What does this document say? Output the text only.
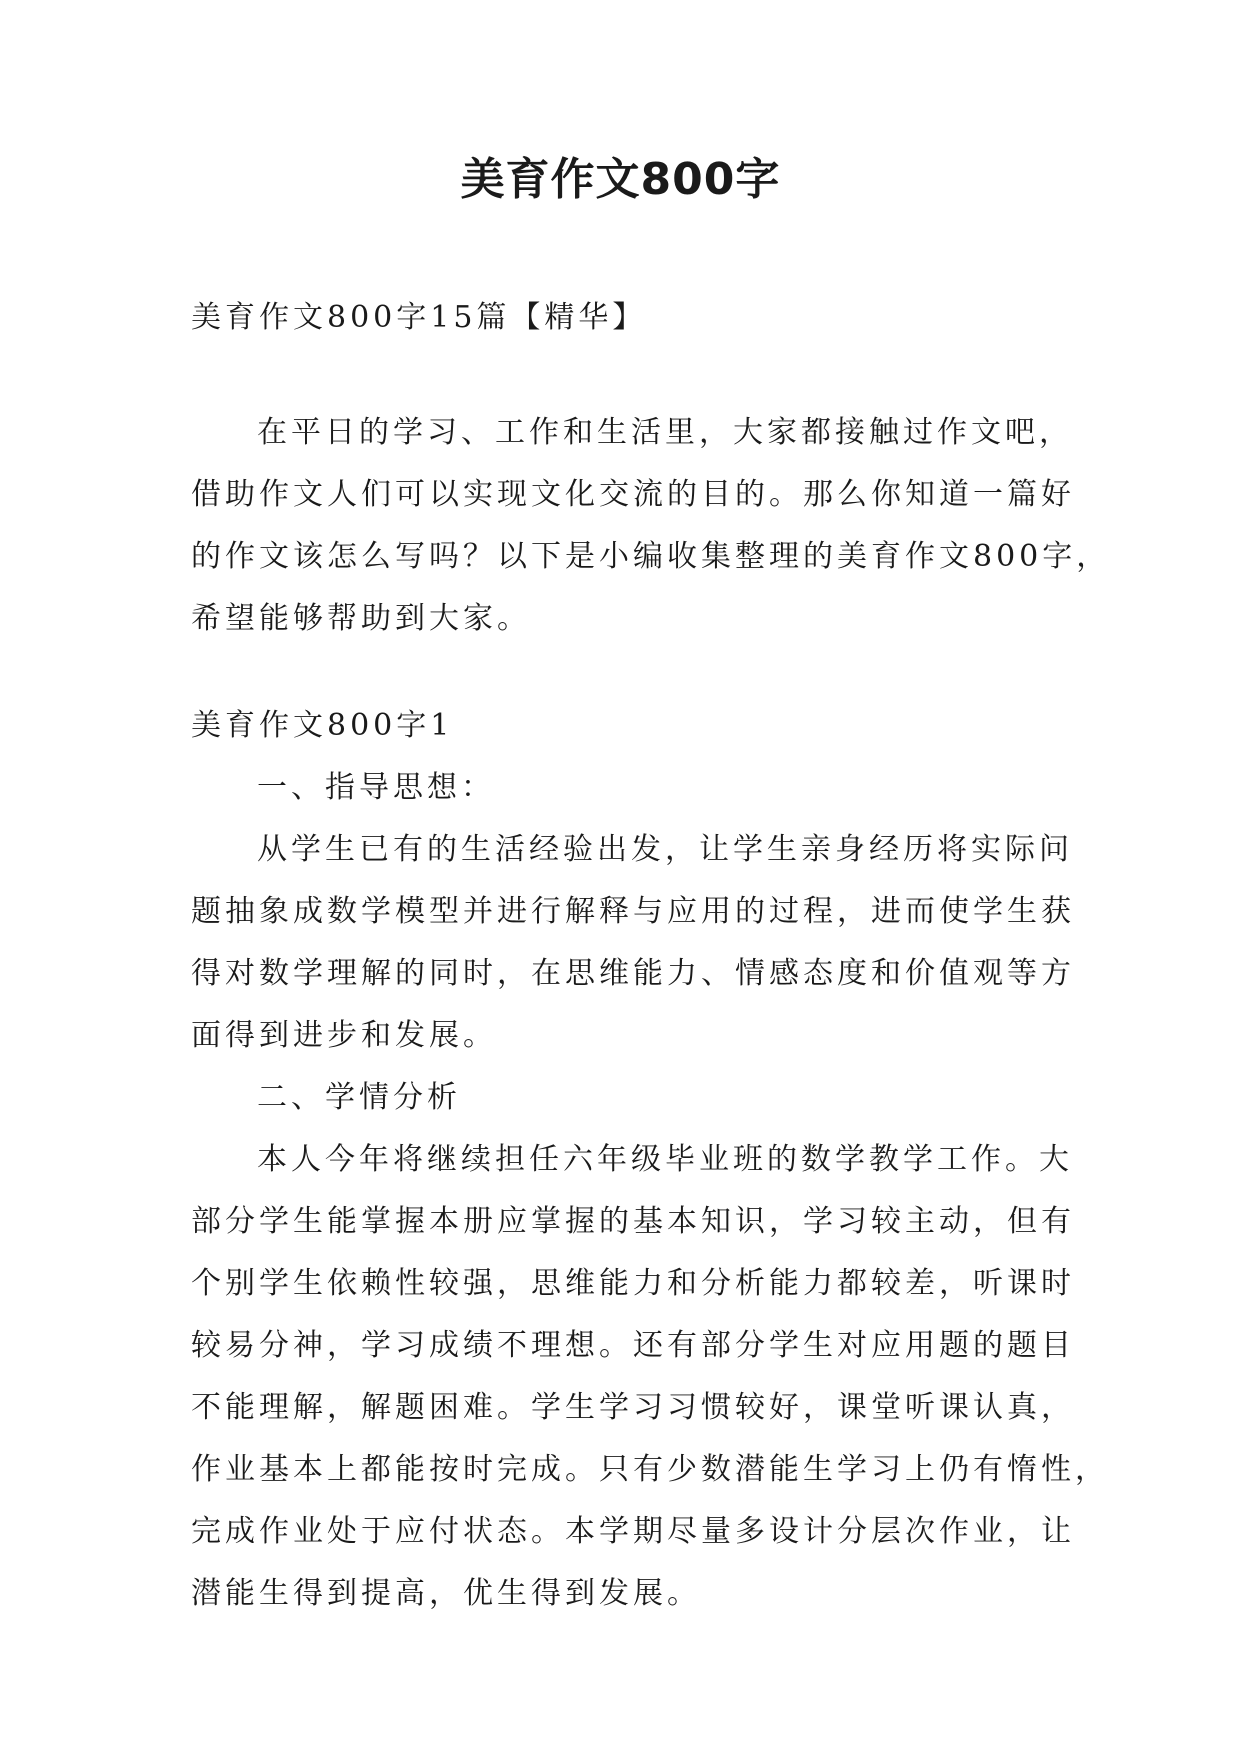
美育作文800字
美育作文800字15篇【精华】
在平日的学习、工作和生活里，大家都接触过作文吧，
借助作文人们可以实现文化交流的目的。那么你知道一篇好
的作文该怎么写吗？以下是小编收集整理的美育作文800字，
希望能够帮助到大家。
美育作文800字1
一、指导思想：
从学生已有的生活经验出发，让学生亲身经历将实际问
题抽象成数学模型并进行解释与应用的过程，进而使学生获
得对数学理解的同时，在思维能力、情感态度和价值观等方
面得到进步和发展。
二、学情分析
本人今年将继续担任六年级毕业班的数学教学工作。大
部分学生能掌握本册应掌握的基本知识，学习较主动，但有
个别学生依赖性较强，思维能力和分析能力都较差，听课时
较易分神，学习成绩不理想。还有部分学生对应用题的题目
不能理解，解题困难。学生学习习惯较好，课堂听课认真，
作业基本上都能按时完成。只有少数潜能生学习上仍有惰性，
完成作业处于应付状态。本学期尽量多设计分层次作业，让
潜能生得到提高，优生得到发展。
